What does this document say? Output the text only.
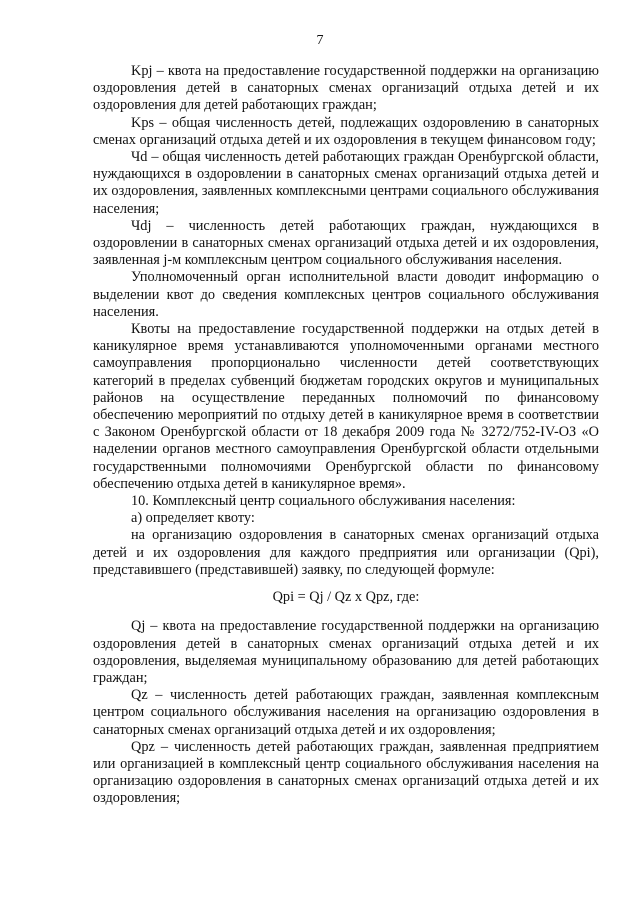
7

Kpj – квота на предоставление государственной поддержки на организацию оздоровления детей в санаторных сменах организаций отдыха детей и их оздоровления для детей работающих граждан;

Kps – общая численность детей, подлежащих оздоровлению в санаторных сменах организаций отдыха детей и их оздоровления в текущем финансовом году;

Чd – общая численность детей работающих граждан Оренбургской области, нуждающихся в оздоровлении в санаторных сменах организаций отдыха детей и их оздоровления, заявленных комплексными центрами социального обслуживания населения;

Чdj – численность детей работающих граждан, нуждающихся в оздоровлении в санаторных сменах организаций отдыха детей и их оздоровления, заявленная j-м комплексным центром социального обслуживания населения.

Уполномоченный орган исполнительной власти доводит информацию о выделении квот до сведения комплексных центров социального обслуживания населения.

Квоты на предоставление государственной поддержки на отдых детей в каникулярное время устанавливаются уполномоченными органами местного самоуправления пропорционально численности детей соответствующих категорий в пределах субвенций бюджетам городских округов и муниципальных районов на осуществление переданных полномочий по финансовому обеспечению мероприятий по отдыху детей в каникулярное время в соответствии с Законом Оренбургской области от 18 декабря 2009 года № 3272/752-IV-ОЗ «О наделении органов местного самоуправления Оренбургской области отдельными государственными полномочиями Оренбургской области по финансовому обеспечению отдыха детей в каникулярное время».

10. Комплексный центр социального обслуживания населения:

а) определяет квоту:

на организацию оздоровления в санаторных сменах организаций отдыха детей и их оздоровления для каждого предприятия или организации (Qpi), представившего (представившей) заявку, по следующей формуле:

Qpi = Qj / Qz x Qpz, где:

Qj – квота на предоставление государственной поддержки на организацию оздоровления детей в санаторных сменах организаций отдыха детей и их оздоровления, выделяемая муниципальному образованию для детей работающих граждан;

Qz – численность детей работающих граждан, заявленная комплексным центром социального обслуживания населения на организацию оздоровления в санаторных сменах организаций отдыха детей и их оздоровления;

Qpz – численность детей работающих граждан, заявленная предприятием или организацией в комплексный центр социального обслуживания населения на организацию оздоровления в санаторных сменах организаций отдыха детей и их оздоровления;
